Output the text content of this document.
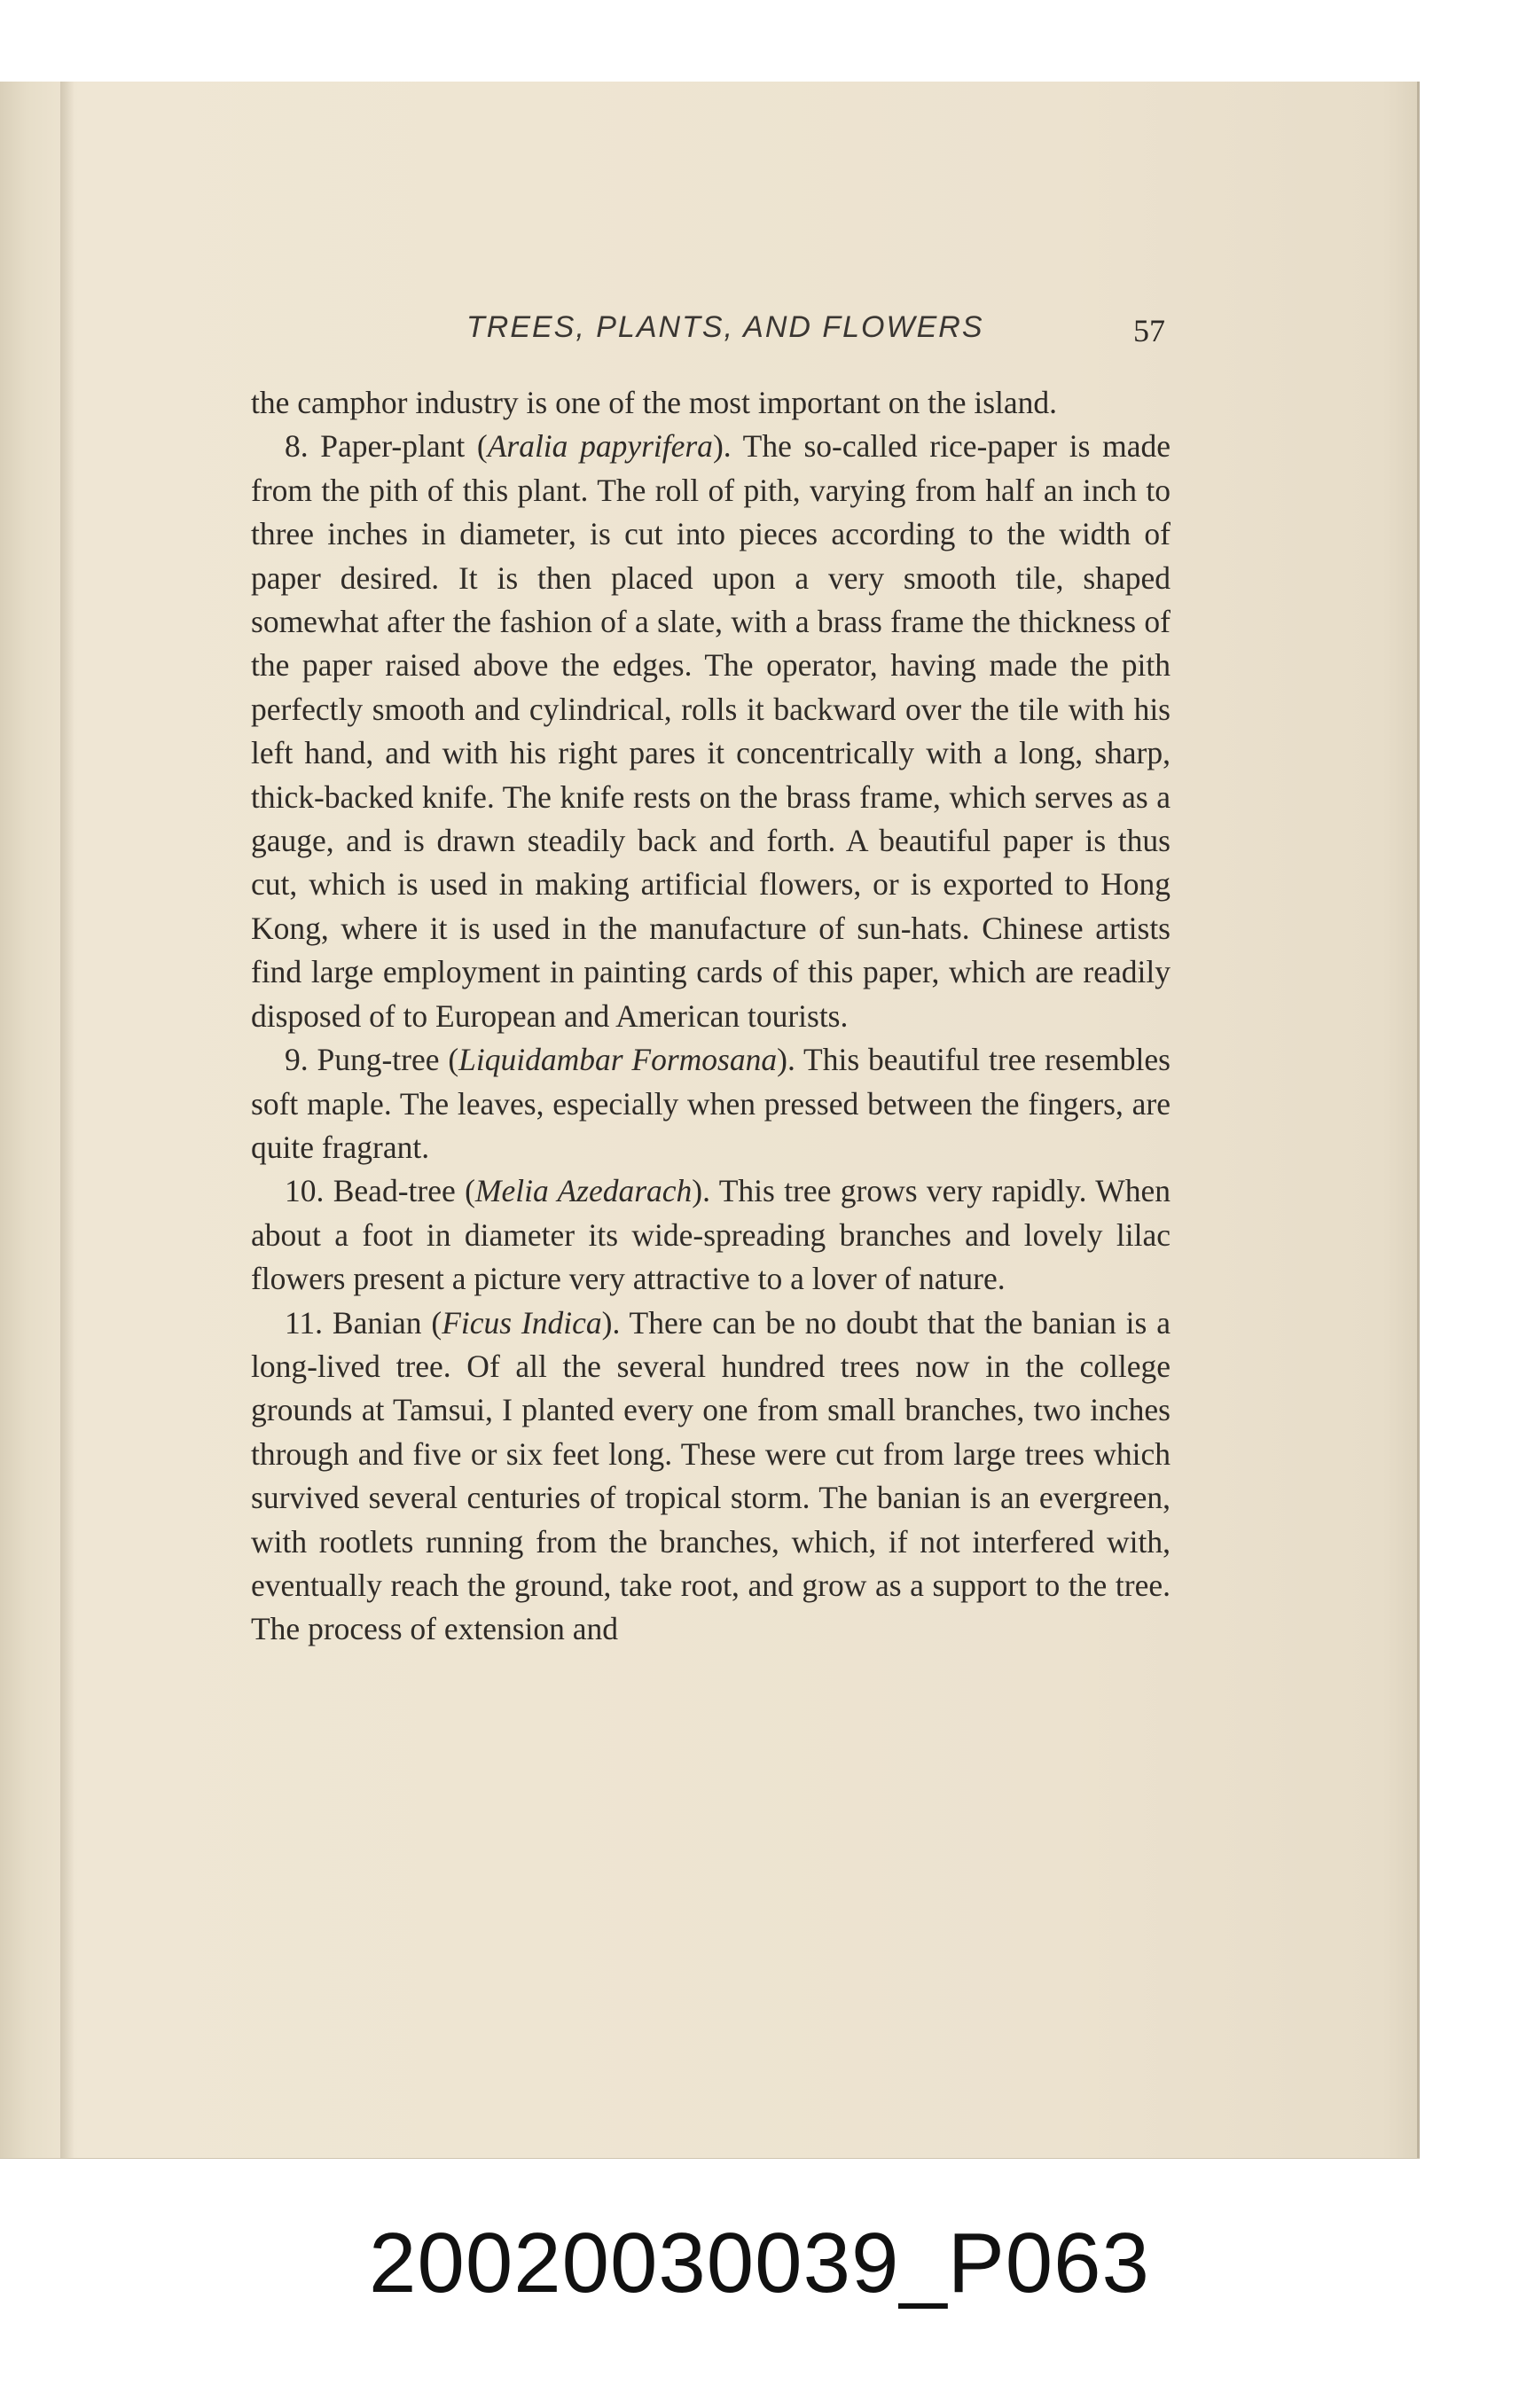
TREES, PLANTS, AND FLOWERS	57

the camphor industry is one of the most important on the island.

8. Paper-plant (Aralia papyrifera). The so-called rice-paper is made from the pith of this plant. The roll of pith, varying from half an inch to three inches in diameter, is cut into pieces according to the width of paper desired. It is then placed upon a very smooth tile, shaped somewhat after the fashion of a slate, with a brass frame the thickness of the paper raised above the edges. The operator, having made the pith perfectly smooth and cylindrical, rolls it backward over the tile with his left hand, and with his right pares it concentrically with a long, sharp, thick-backed knife. The knife rests on the brass frame, which serves as a gauge, and is drawn steadily back and forth. A beautiful paper is thus cut, which is used in making artificial flowers, or is exported to Hong Kong, where it is used in the manufacture of sun-hats. Chinese artists find large employment in painting cards of this paper, which are readily disposed of to European and American tourists.

9. Pung-tree (Liquidambar Formosana). This beautiful tree resembles soft maple. The leaves, especially when pressed between the fingers, are quite fragrant.

10. Bead-tree (Melia Azedarach). This tree grows very rapidly. When about a foot in diameter its wide-spreading branches and lovely lilac flowers present a picture very attractive to a lover of nature.

11. Banian (Ficus Indica). There can be no doubt that the banian is a long-lived tree. Of all the several hundred trees now in the college grounds at Tamsui, I planted every one from small branches, two inches through and five or six feet long. These were cut from large trees which survived several centuries of tropical storm. The banian is an evergreen, with rootlets running from the branches, which, if not interfered with, eventually reach the ground, take root, and grow as a support to the tree. The process of extension and

20020030039_P063
